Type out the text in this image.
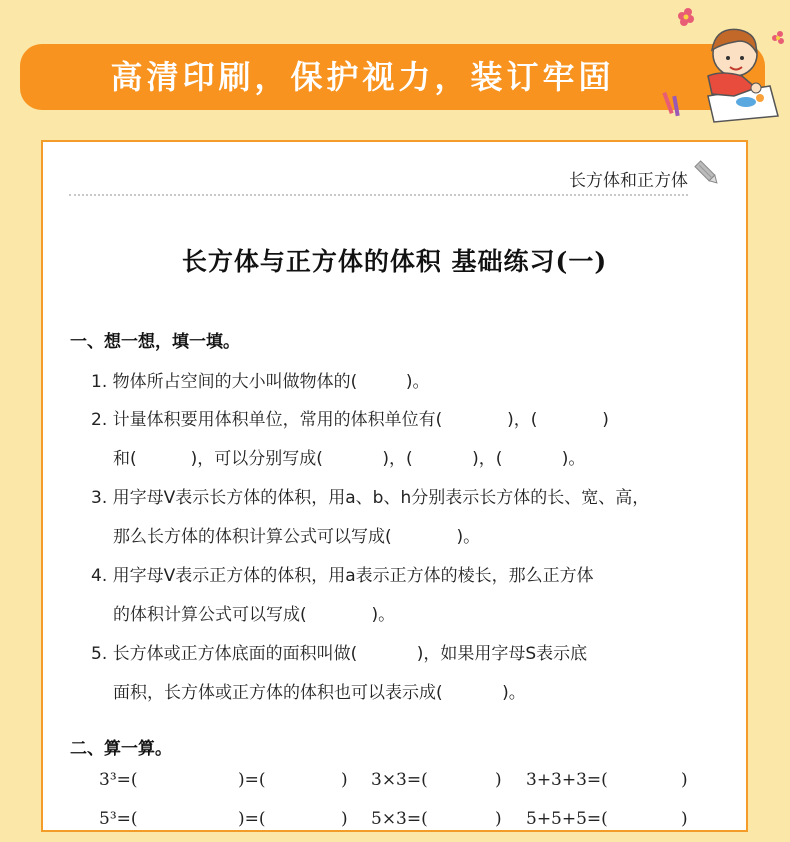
高清印刷，保护视力，装订牢固
长方体和正方体
长方体与正方体的体积 基础练习(一)
一、想一想，填一填。
1. 物体所占空间的大小叫做物体的(         )。
2. 计量体积要用体积单位，常用的体积单位有(            )，(            )
和(          )，可以分别写成(           )，(           )，(           )。
3. 用字母V表示长方体的体积，用a、b、h分别表示长方体的长、宽、高，
那么长方体的体积计算公式可以写成(            )。
4. 用字母V表示正方体的体积，用a表示正方体的棱长，那么正方体
的体积计算公式可以写成(            )。
5. 长方体或正方体底面的面积叫做(           )，如果用字母S表示底
面积，长方体或正方体的体积也可以表示成(           )。
二、算一算。
3³=(	)=(	) 3×3=(	) 3+3+3=(	)
5³=(	)=(	) 5×3=(	) 5+5+5=(	)
